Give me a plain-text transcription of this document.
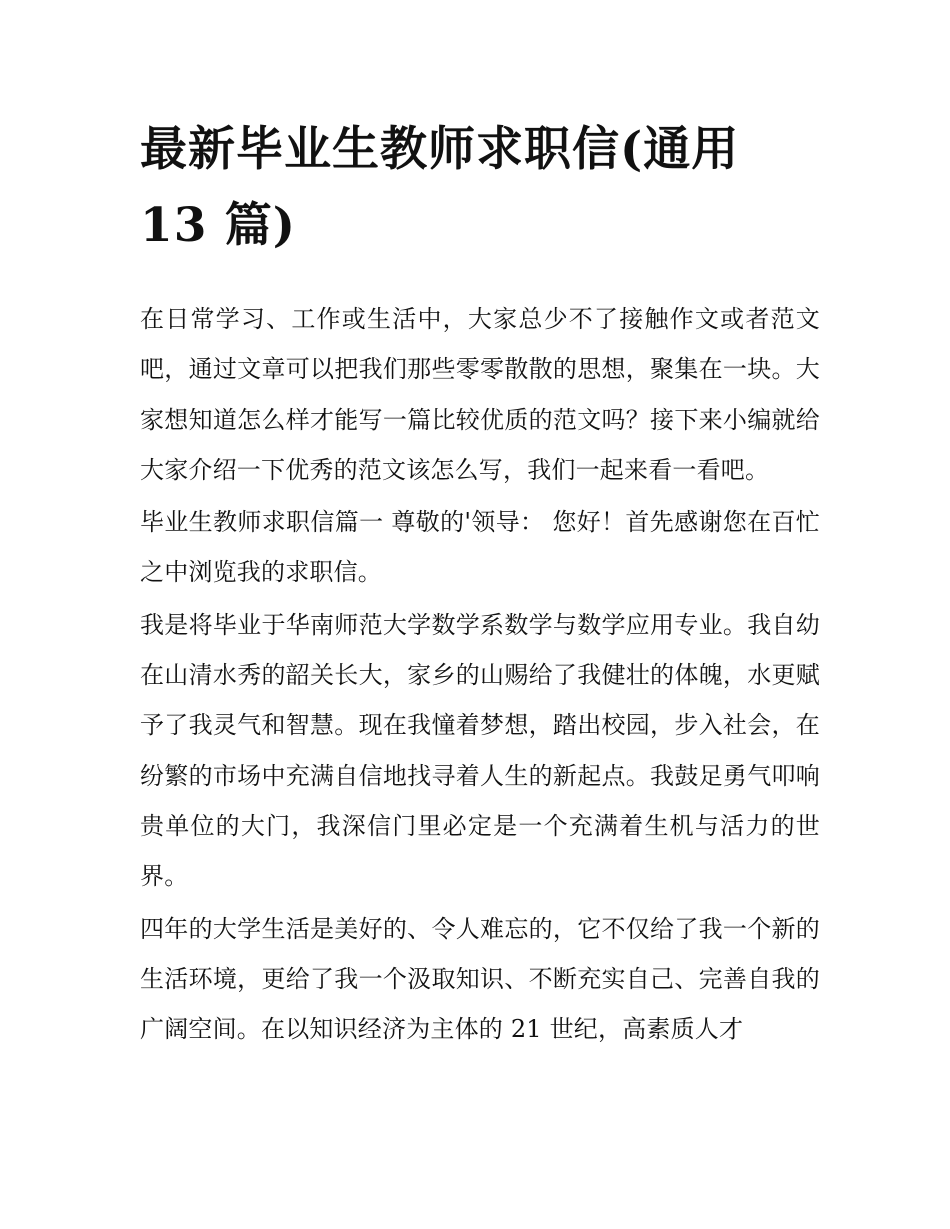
最新毕业生教师求职信(通用 13 篇)

在日常学习、工作或生活中，大家总少不了接触作文或者范文吧，通过文章可以把我们那些零零散散的思想，聚集在一块。大家想知道怎么样才能写一篇比较优质的范文吗？接下来小编就给大家介绍一下优秀的范文该怎么写，我们一起来看一看吧。

毕业生教师求职信篇一 尊敬的'领导： 您好！首先感谢您在百忙之中浏览我的求职信。

我是将毕业于华南师范大学数学系数学与数学应用专业。我自幼在山清水秀的韶关长大，家乡的山赐给了我健壮的体魄，水更赋予了我灵气和智慧。现在我憧着梦想，踏出校园，步入社会，在纷繁的市场中充满自信地找寻着人生的新起点。我鼓足勇气叩响贵单位的大门，我深信门里必定是一个充满着生机与活力的世界。

四年的大学生活是美好的、令人难忘的，它不仅给了我一个新的生活环境，更给了我一个汲取知识、不断充实自己、完善自我的广阔空间。在以知识经济为主体的 21 世纪，高素质人才
